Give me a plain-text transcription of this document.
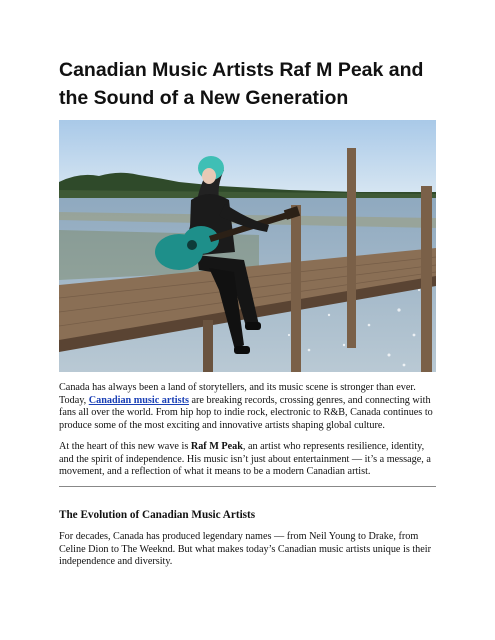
Canadian Music Artists Raf M Peak and the Sound of a New Generation

Canada has always been a land of storytellers, and its music scene is stronger than ever. Today, Canadian music artists are breaking records, crossing genres, and connecting with fans all over the world. From hip hop to indie rock, electronic to R&B, Canada continues to produce some of the most exciting and innovative artists shaping global culture.

At the heart of this new wave is Raf M Peak, an artist who represents resilience, identity, and the spirit of independence. His music isn’t just about entertainment — it’s a message, a movement, and a reflection of what it means to be a modern Canadian artist.

The Evolution of Canadian Music Artists

For decades, Canada has produced legendary names — from Neil Young to Drake, from Celine Dion to The Weeknd. But what makes today’s Canadian music artists unique is their independence and diversity.
